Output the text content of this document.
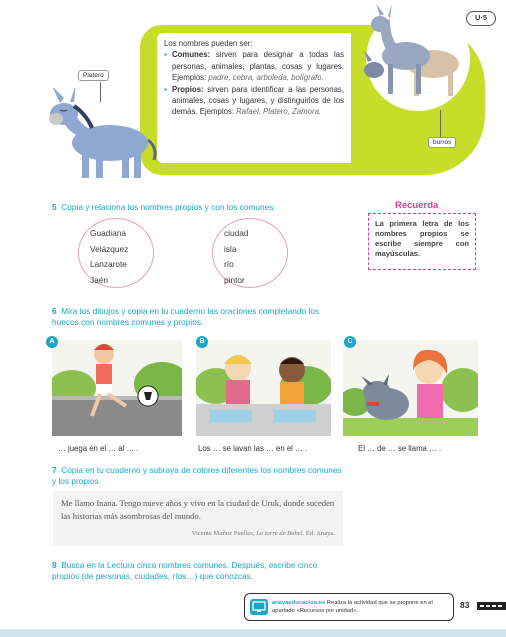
Platero

Los nombres pueden ser:

▪ Comunes: sirven para designar a todas las personas, animales, plantas, cosas y lugares. Ejemplos: padre, cebra, arboleda, bolígrafo.
▪ Propios: sirven para identificar a las personas, animales, cosas y lugares, y distinguirlos de los demás. Ejemplos: Rafael, Platero, Zamora.
burros
U·5
5 Copia y relaciona los nombres propios y con los comunes.
Guadiana
Velázquez
Lanzarote
Jaén
ciudad
isla
río
pintor
Recuerda
La primera letra de los nombres propios se escribe siempre con mayúsculas.
6 Mira los dibujos y copia en tu cuaderno las oraciones completando los huecos con nombres comunes y propios.
A	B	C
… juega en el … al … .	Los … se lavan las … en el … .	El … de … se llama … .
7 Copia en tu cuaderno y subraya de colores diferentes los nombres comunes y los propios.
Me llamo Inana. Tengo nueve años y vivo en la ciudad de Uruk, donde suceden las historias más asombrosas del mundo.
Vicente Muñoz Puelles, La torre de Babel. Ed. Anaya.
8 Busca en la Lectura cinco nombres comunes. Después, escribe cinco propios (de personas, ciudades, ríos…) que conozcas.
anayaeducacion.es Realiza la actividad que se propone en el apartado «Recursos por unidad».
83
